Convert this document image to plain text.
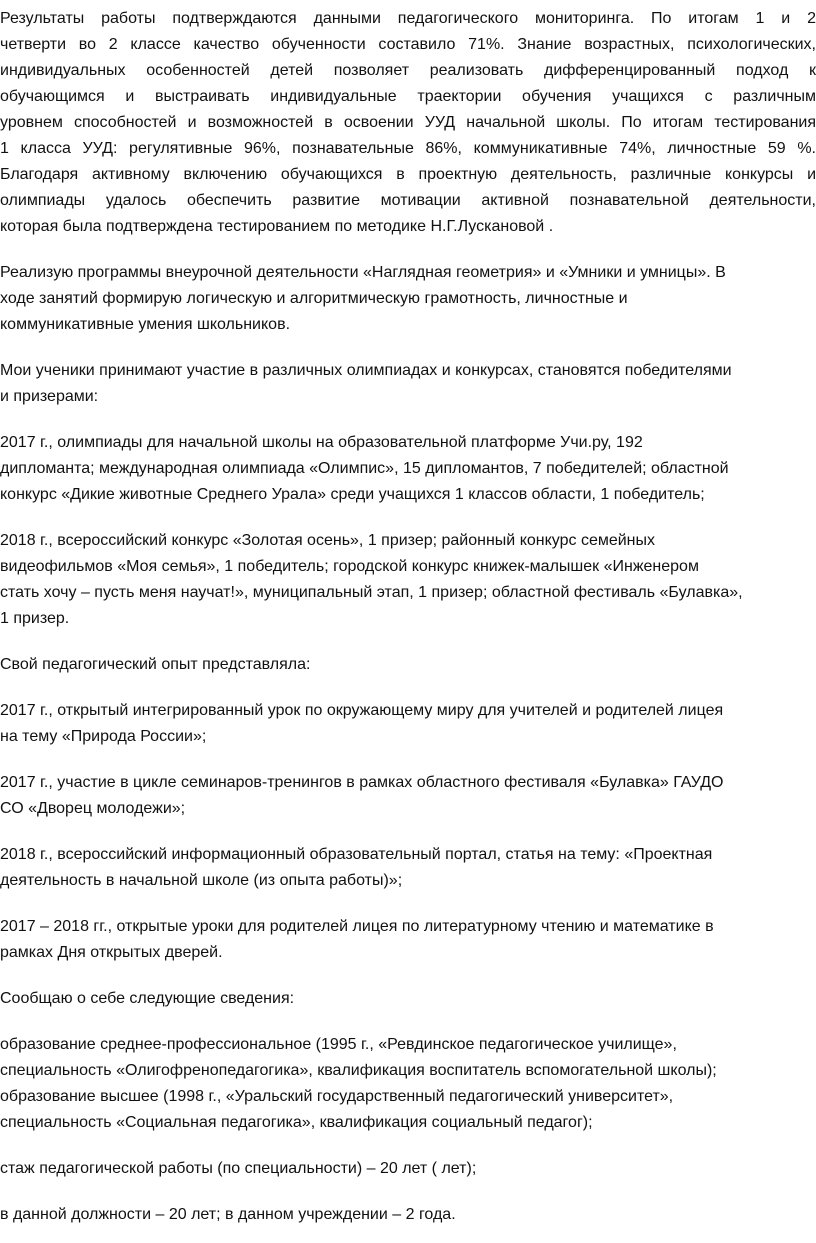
Результаты работы подтверждаются данными педагогического мониторинга. По итогам 1 и 2
четверти во 2 классе качество обученности составило 71%. Знание возрастных, психологических,
индивидуальных особенностей детей позволяет реализовать дифференцированный подход к
обучающимся и выстраивать индивидуальные траектории обучения учащихся с различным
уровнем способностей и возможностей в освоении УУД начальной школы. По итогам тестирования
1 класса УУД: регулятивные 96%, познавательные 86%, коммуникативные 74%, личностные 59 %.
Благодаря активному включению обучающихся в проектную деятельность, различные конкурсы и
олимпиады удалось обеспечить развитие мотивации активной познавательной деятельности,
которая была подтверждена тестированием по методике Н.Г.Лускановой .
Реализую программы внеурочной деятельности «Наглядная геометрия» и «Умники и умницы». В
ходе занятий формирую логическую и алгоритмическую грамотность, личностные и
коммуникативные умения школьников.
Мои ученики принимают участие в различных олимпиадах и конкурсах, становятся победителями
и призерами:
2017 г., олимпиады для начальной школы на образовательной платформе Учи.ру, 192
дипломанта; международная олимпиада «Олимпис», 15 дипломантов, 7 победителей; областной
конкурс «Дикие животные Среднего Урала» среди учащихся 1 классов области, 1 победитель;
2018 г., всероссийский конкурс «Золотая осень», 1 призер; районный конкурс семейных
видеофильмов «Моя семья», 1 победитель; городской конкурс книжек-малышек «Инженером
стать хочу – пусть меня научат!», муниципальный этап, 1 призер; областной фестиваль «Булавка»,
1 призер.
Свой педагогический опыт представляла:
2017 г., открытый интегрированный урок по окружающему миру для учителей и родителей лицея
на тему «Природа России»;
2017 г., участие в цикле семинаров-тренингов в рамках областного фестиваля «Булавка» ГАУДО
СО «Дворец молодежи»;
2018 г., всероссийский информационный образовательный портал, статья на тему: «Проектная
деятельность в начальной школе (из опыта работы)»;
2017 – 2018 гг., открытые уроки для родителей лицея по литературному чтению и математике в
рамках Дня открытых дверей.
Сообщаю о себе следующие сведения:
образование среднее-профессиональное (1995 г., «Ревдинское педагогическое училище»,
специальность «Олигофренопедагогика», квалификация воспитатель вспомогательной школы);
образование высшее (1998 г., «Уральский государственный педагогический университет»,
специальность «Социальная педагогика», квалификация социальный педагог);
стаж педагогической работы (по специальности) – 20 лет ( лет);
в данной должности – 20 лет; в данном учреждении – 2 года.
